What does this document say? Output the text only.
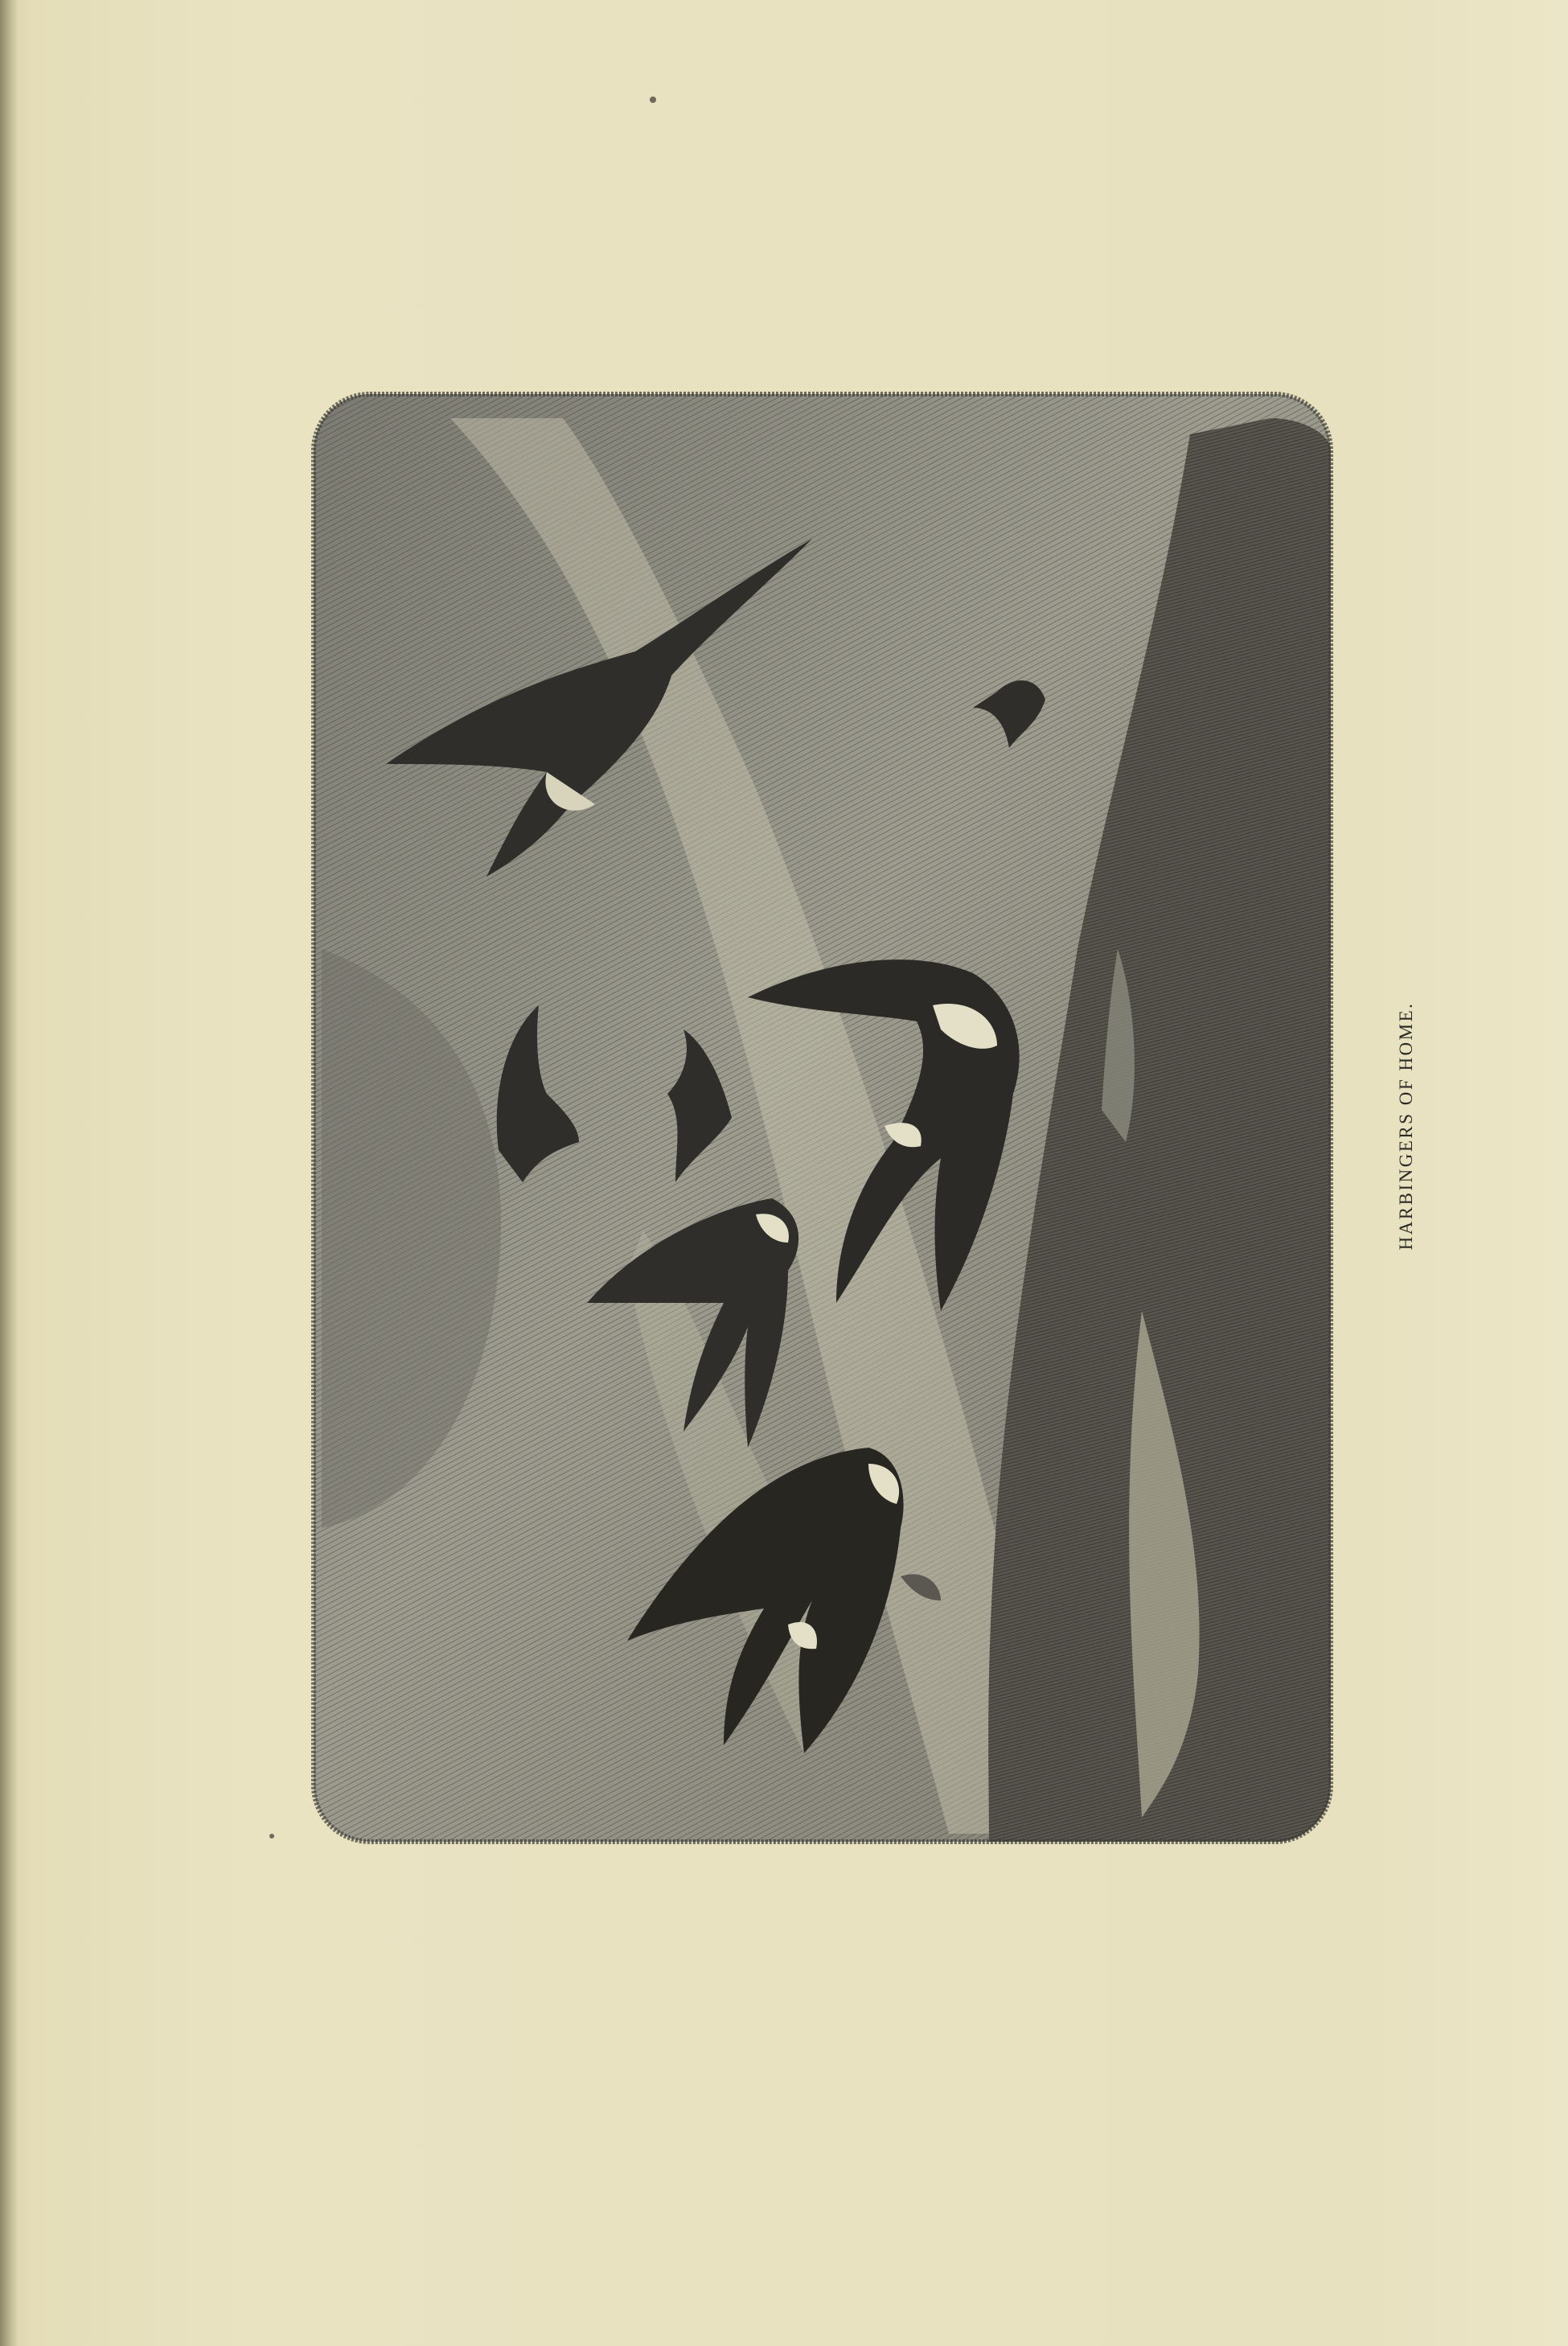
HARBINGERS OF HOME.
